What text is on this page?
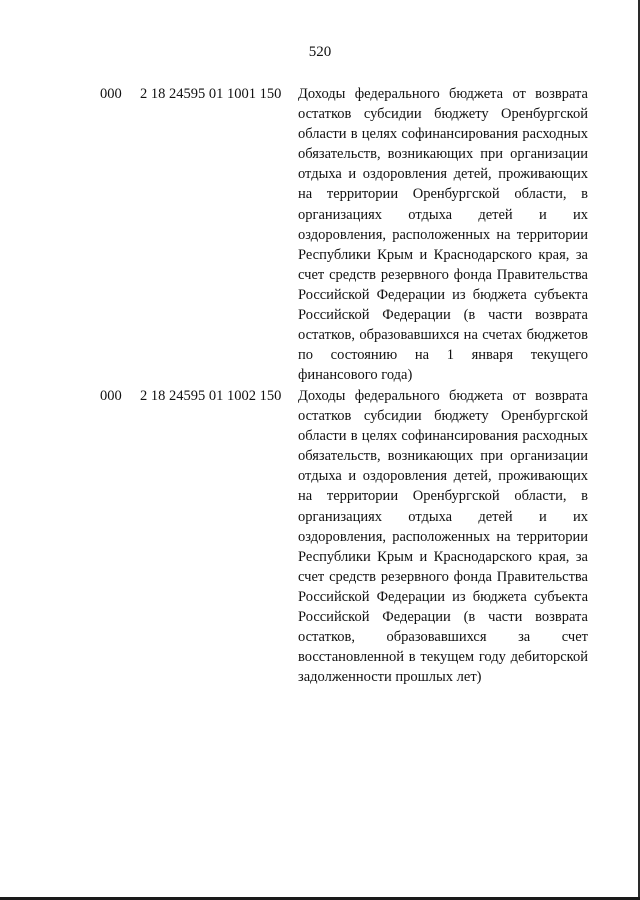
520
000 2 18 24595 01 1001 150 Доходы федерального бюджета от возврата остатков субсидии бюджету Оренбургской области в целях софинансирования расходных обязательств, возникающих при организации отдыха и оздоровления детей, проживающих на территории Оренбургской области, в организациях отдыха детей и их оздоровления, расположенных на территории Республики Крым и Краснодарского края, за счет средств резервного фонда Правительства Российской Федерации из бюджета субъекта Российской Федерации (в части возврата остатков, образовавшихся на счетах бюджетов по состоянию на 1 января текущего финансового года)
000 2 18 24595 01 1002 150 Доходы федерального бюджета от возврата остатков субсидии бюджету Оренбургской области в целях софинансирования расходных обязательств, возникающих при организации отдыха и оздоровления детей, проживающих на территории Оренбургской области, в организациях отдыха детей и их оздоровления, расположенных на территории Республики Крым и Краснодарского края, за счет средств резервного фонда Правительства Российской Федерации из бюджета субъекта Российской Федерации (в части возврата остатков, образовавшихся за счет восстановленной в текущем году дебиторской задолженности прошлых лет)
